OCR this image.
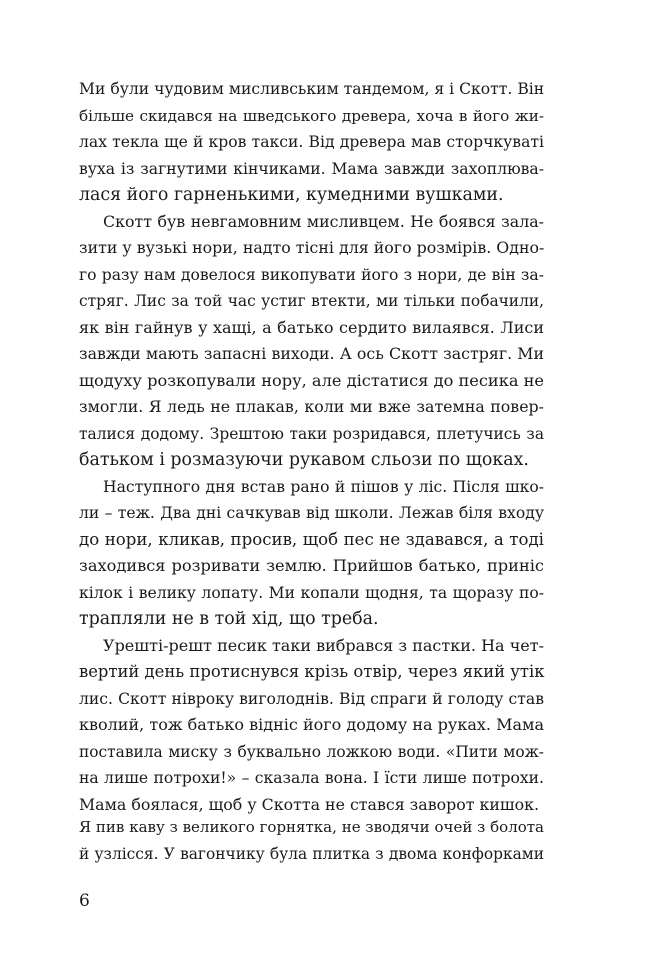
Ми були чудовим мисливським тандемом, я і Скотт. Він
більше скидався на шведського древера, хоча в його жи-
лах текла ще й кров такси. Від древера мав сторчкуваті
вуха із загнутими кінчиками. Мама завжди захоплюва-
лася його гарненькими, кумедними вушками.
Скотт був невгамовним мисливцем. Не боявся зала-
зити у вузькі нори, надто тісні для його розмірів. Одно-
го разу нам довелося викопувати його з нори, де він за-
стряг. Лис за той час устиг втекти, ми тільки побачили,
як він гайнув у хащі, а батько сердито вилаявся. Лиси
завжди мають запасні виходи. А ось Скотт застряг. Ми
щодуху розкопували нору, але дістатися до песика не
змогли. Я ледь не плакав, коли ми вже затемна повер-
талися додому. Зрештою таки розридався, плетучись за
батьком і розмазуючи рукавом сльози по щоках.
Наступного дня встав рано й пішов у ліс. Після шко-
ли – теж. Два дні сачкував від школи. Лежав біля входу
до нори, кликав, просив, щоб пес не здавався, а тоді
заходився розривати землю. Прийшов батько, приніс
кілок і велику лопату. Ми копали щодня, та щоразу по-
трапляли не в той хід, що треба.
Урешті-решт песик таки вибрався з пастки. На чет-
вертий день протиснувся крізь отвір, через який утік
лис. Скотт нівроку виголоднів. Від спраги й голоду став
кволий, тож батько відніс його додому на руках. Мама
поставила миску з буквально ложкою води. «Пити мож-
на лише потрохи!» – сказала вона. І їсти лише потрохи.
Мама боялася, щоб у Скотта не стався заворот кишок.
Я пив каву з великого горнятка, не зводячи очей з болота
й узлісся. У вагончику була плитка з двома конфорками
6
